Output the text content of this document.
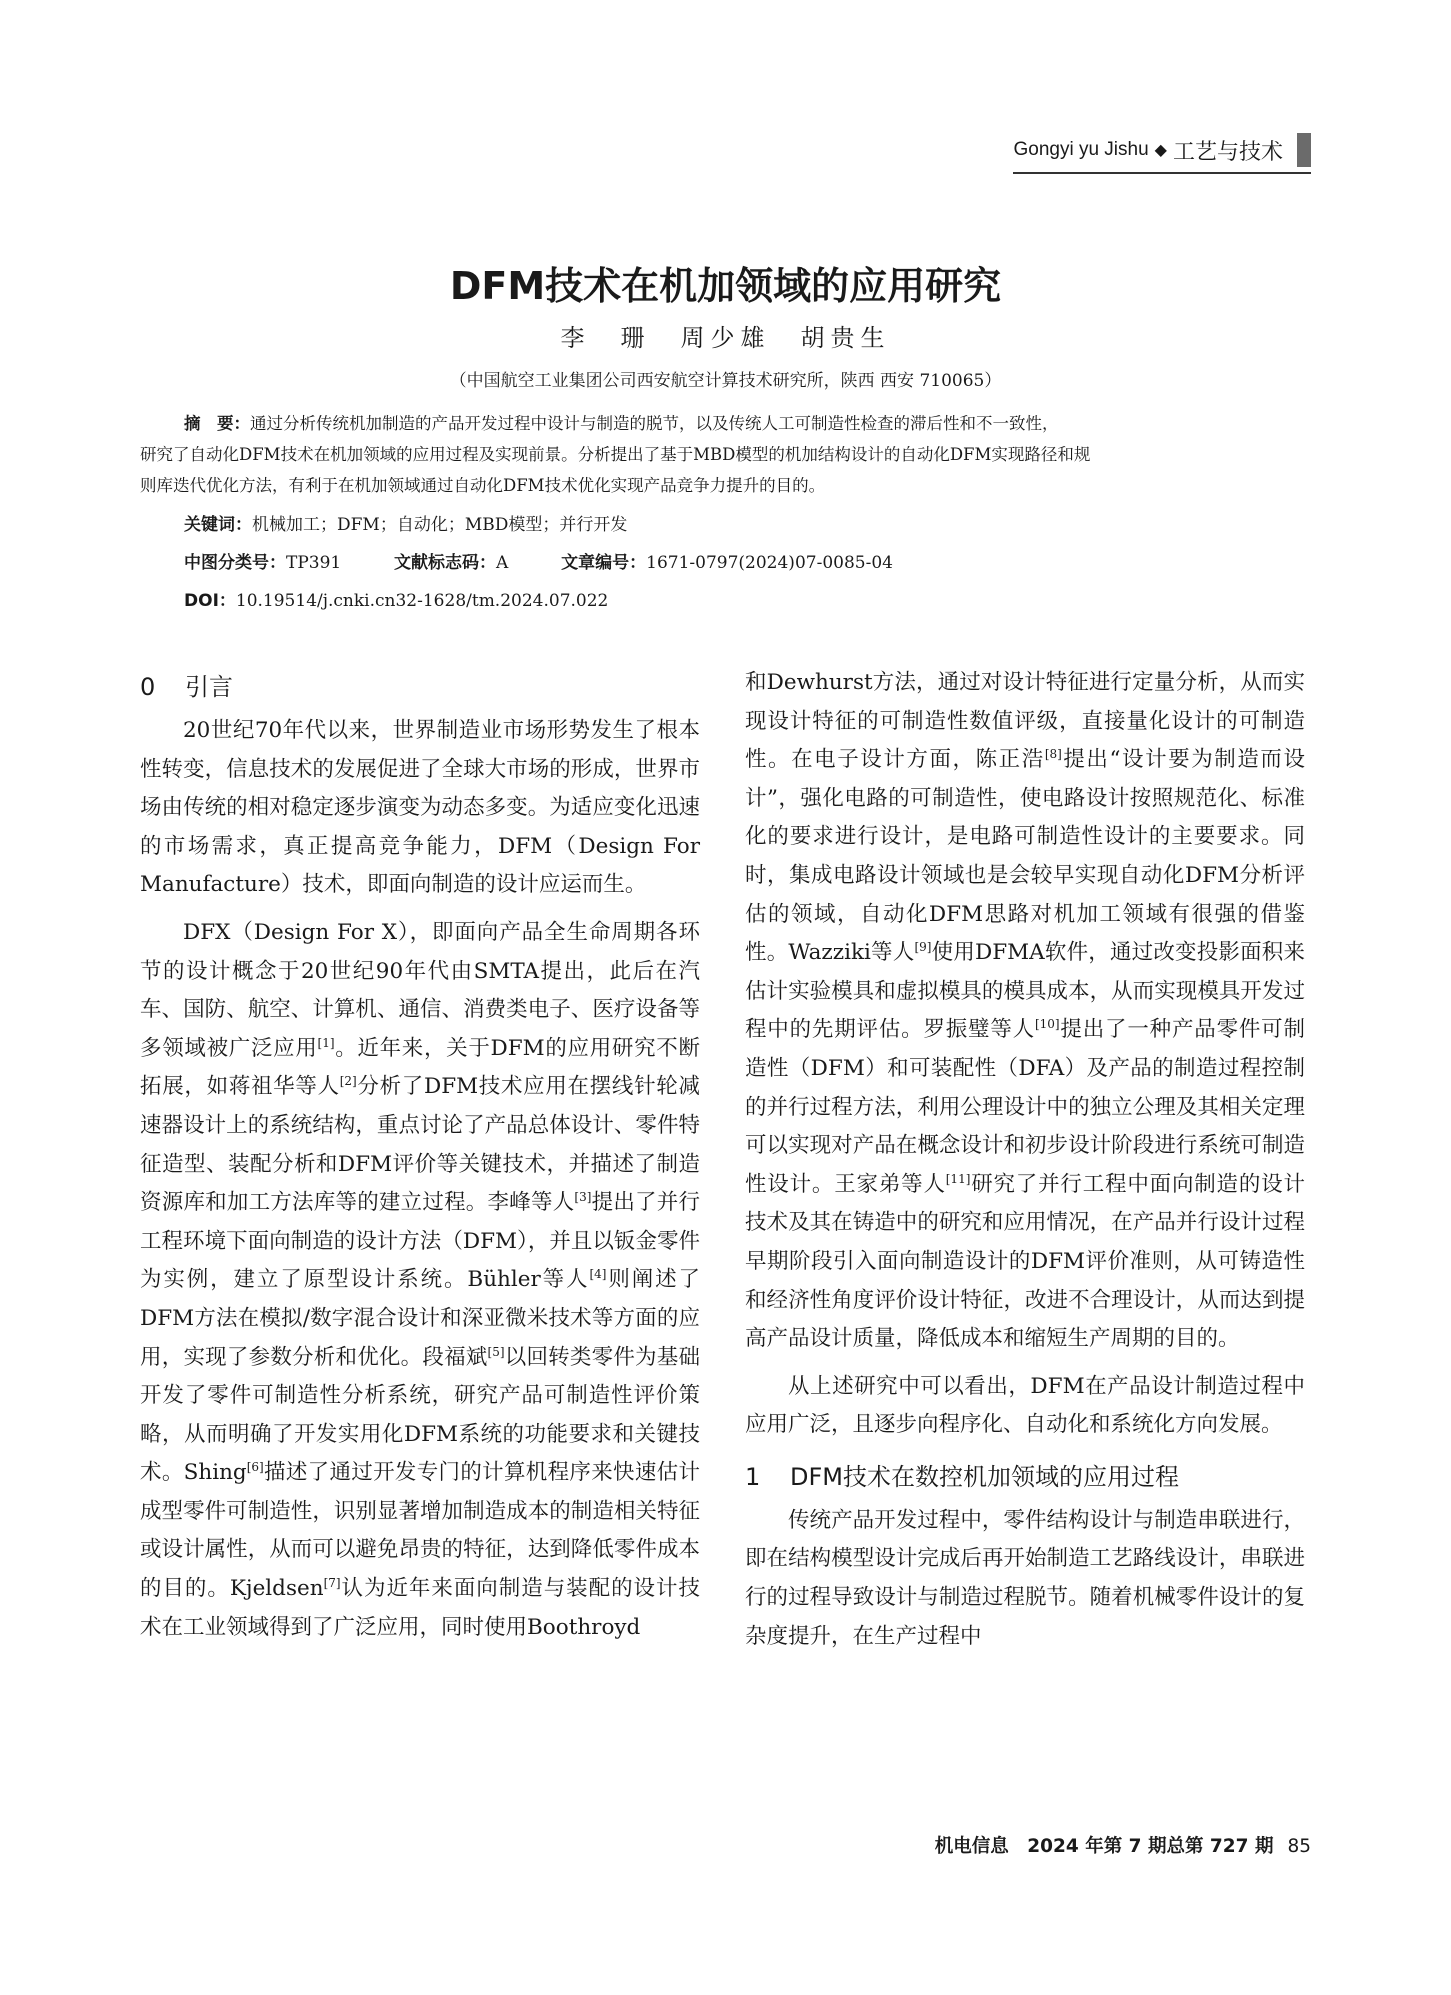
Gongyi yu Jishu ◆ 工艺与技术
DFM技术在机加领域的应用研究
李　珊　周少雄　胡贵生
（中国航空工业集团公司西安航空计算技术研究所，陕西 西安 710065）
摘　要：通过分析传统机加制造的产品开发过程中设计与制造的脱节，以及传统人工可制造性检查的滞后性和不一致性，
研究了自动化DFM技术在机加领域的应用过程及实现前景。分析提出了基于MBD模型的机加结构设计的自动化DFM实现路径和规
则库迭代优化方法，有利于在机加领域通过自动化DFM技术优化实现产品竞争力提升的目的。
关键词：机械加工；DFM；自动化；MBD模型；并行开发
中图分类号：TP391	文献标志码：A	文章编号：1671-0797(2024)07-0085-04
DOI：10.19514/j.cnki.cn32-1628/tm.2024.07.022
0 引言

20世纪70年代以来，世界制造业市场形势发生了根本性转变，信息技术的发展促进了全球大市场的形成，世界市场由传统的相对稳定逐步演变为动态多变。为适应变化迅速的市场需求，真正提高竞争能力，DFM（Design For Manufacture）技术，即面向制造的设计应运而生。

DFX（Design For X），即面向产品全生命周期各环节的设计概念于20世纪90年代由SMTA提出，此后在汽车、国防、航空、计算机、通信、消费类电子、医疗设备等多领域被广泛应用[1]。近年来，关于DFM的应用研究不断拓展，如蒋祖华等人[2]分析了DFM技术应用在摆线针轮减速器设计上的系统结构，重点讨论了产品总体设计、零件特征造型、装配分析和DFM评价等关键技术，并描述了制造资源库和加工方法库等的建立过程。李峰等人[3]提出了并行工程环境下面向制造的设计方法（DFM），并且以钣金零件为实例，建立了原型设计系统。Bühler等人[4]则阐述了DFM方法在模拟/数字混合设计和深亚微米技术等方面的应用，实现了参数分析和优化。段福斌[5]以回转类零件为基础开发了零件可制造性分析系统，研究产品可制造性评价策略，从而明确了开发实用化DFM系统的功能要求和关键技术。Shing[6]描述了通过开发专门的计算机程序来快速估计成型零件可制造性，识别显著增加制造成本的制造相关特征或设计属性，从而可以避免昂贵的特征，达到降低零件成本的目的。Kjeldsen[7]认为近年来面向制造与装配的设计技术在工业领域得到了广泛应用，同时使用Boothroyd

和Dewhurst方法，通过对设计特征进行定量分析，从而实现设计特征的可制造性数值评级，直接量化设计的可制造性。在电子设计方面，陈正浩[8]提出“设计要为制造而设计”，强化电路的可制造性，使电路设计按照规范化、标准化的要求进行设计，是电路可制造性设计的主要要求。同时，集成电路设计领域也是会较早实现自动化DFM分析评估的领域，自动化DFM思路对机加工领域有很强的借鉴性。Wazziki等人[9]使用DFMA软件，通过改变投影面积来估计实验模具和虚拟模具的模具成本，从而实现模具开发过程中的先期评估。罗振璧等人[10]提出了一种产品零件可制造性（DFM）和可装配性（DFA）及产品的制造过程控制的并行过程方法，利用公理设计中的独立公理及其相关定理可以实现对产品在概念设计和初步设计阶段进行系统可制造性设计。王家弟等人[11]研究了并行工程中面向制造的设计技术及其在铸造中的研究和应用情况，在产品并行设计过程早期阶段引入面向制造设计的DFM评价准则，从可铸造性和经济性角度评价设计特征，改进不合理设计，从而达到提高产品设计质量，降低成本和缩短生产周期的目的。

从上述研究中可以看出，DFM在产品设计制造过程中应用广泛，且逐步向程序化、自动化和系统化方向发展。

1 DFM技术在数控机加领域的应用过程

传统产品开发过程中，零件结构设计与制造串联进行，即在结构模型设计完成后再开始制造工艺路线设计，串联进行的过程导致设计与制造过程脱节。随着机械零件设计的复杂度提升，在生产过程中

机电信息　2024 年第 7 期总第 727 期 85
